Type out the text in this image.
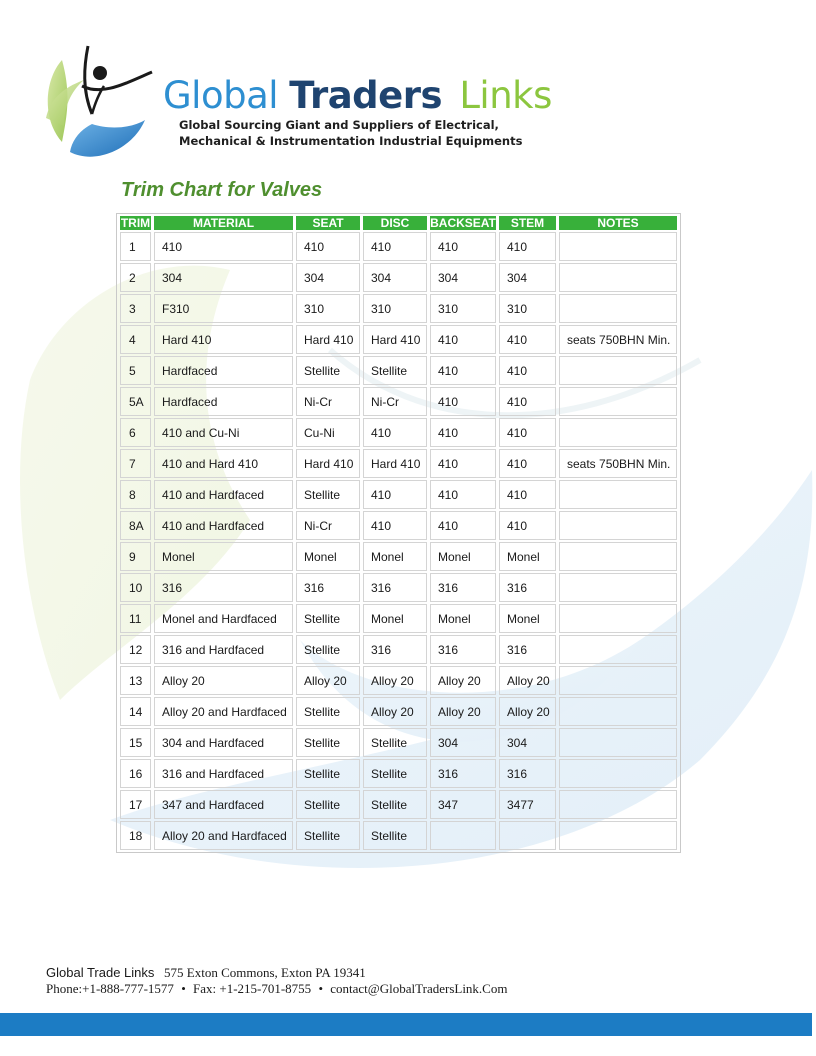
Global Traders Links
Global Sourcing Giant and Suppliers of Electrical,
Mechanical & Instrumentation Industrial Equipments
Trim Chart for Valves
TRIM	MATERIAL	SEAT	DISC	BACKSEAT	STEM	NOTES
1	410	410	410	410	410	
2	304	304	304	304	304	
3	F310	310	310	310	310	
4	Hard 410	Hard 410	Hard 410	410	410	seats 750BHN Min.
5	Hardfaced	Stellite	Stellite	410	410	
5A	Hardfaced	Ni-Cr	Ni-Cr	410	410	
6	410 and Cu-Ni	Cu-Ni	410	410	410	
7	410 and Hard 410	Hard 410	Hard 410	410	410	seats 750BHN Min.
8	410 and Hardfaced	Stellite	410	410	410	
8A	410 and Hardfaced	Ni-Cr	410	410	410	
9	Monel	Monel	Monel	Monel	Monel	
10	316	316	316	316	316	
11	Monel and Hardfaced	Stellite	Monel	Monel	Monel	
12	316 and Hardfaced	Stellite	316	316	316	
13	Alloy 20	Alloy 20	Alloy 20	Alloy 20	Alloy 20	
14	Alloy 20 and Hardfaced	Stellite	Alloy 20	Alloy 20	Alloy 20	
15	304 and Hardfaced	Stellite	Stellite	304	304	
16	316 and Hardfaced	Stellite	Stellite	316	316	
17	347 and Hardfaced	Stellite	Stellite	347	3477	
18	Alloy 20 and Hardfaced	Stellite	Stellite			
Global Trade Links 575 Exton Commons, Exton PA 19341
Phone:+1-888-777-1577 • Fax: +1-215-701-8755 • contact@GlobalTradersLink.Com
